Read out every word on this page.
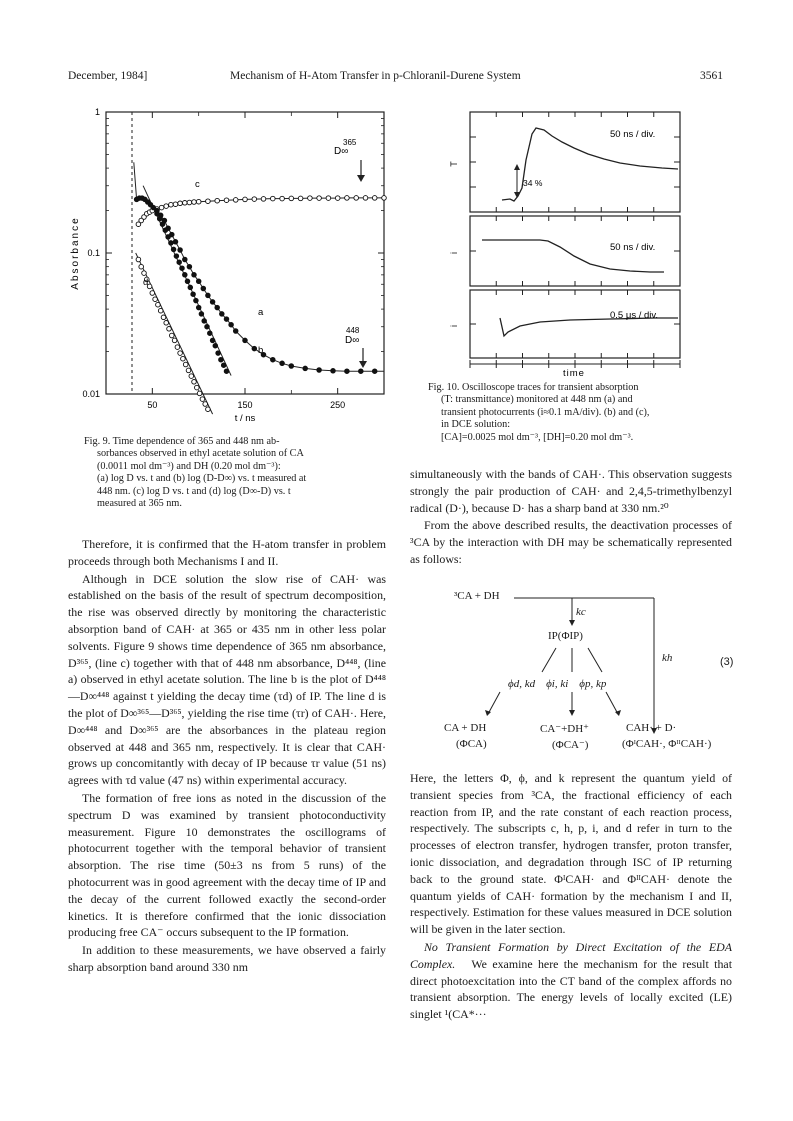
December, 1984]	Mechanism of H-Atom Transfer in p-Chloranil-Durene System	3561
1
0.1
0.01
50	150	250
Absorbance
t / ns
c
a
b
d
D∞
365
D∞
448
Fig. 9. Time dependence of 365 and 448 nm ab-
sorbances observed in ethyl acetate solution of CA
(0.0011 mol dm⁻³) and DH (0.20 mol dm⁻³):
(a) log D vs. t and (b) log (D-D∞) vs. t measured at
448 nm. (c) log D vs. t and (d) log (D∞-D) vs. t
measured at 365 nm.
34 %
50 ns / div.
50 ns / div.
0.5 μs / div.
T
i
i
time
Fig. 10. Oscilloscope traces for transient absorption
(T: transmittance) monitored at 448 nm (a) and
transient photocurrents (i≈0.1 mA/div). (b) and (c),
in DCE solution:
[CA]=0.0025 mol dm⁻³, [DH]=0.20 mol dm⁻³.

Therefore, it is confirmed that the H-atom transfer in problem proceeds through both Mechanisms I and II.

Although in DCE solution the slow rise of CAH· was established on the basis of the result of spectrum decomposition, the rise was observed directly by monitoring the characteristic absorption band of CAH· at 365 or 435 nm in other less polar solvents. Figure 9 shows time dependence of 365 nm absorbance, D³⁶⁵, (line c) together with that of 448 nm absorbance, D⁴⁴⁸, (line a) observed in ethyl acetate solution. The line b is the plot of D⁴⁴⁸—D∞⁴⁴⁸ against t yielding the decay time (τd) of IP. The line d is the plot of D∞³⁶⁵—D³⁶⁵, yielding the rise time (τr) of CAH·. Here, D∞⁴⁴⁸ and D∞³⁶⁵ are the absorbances in the plateau region observed at 448 and 365 nm, respectively. It is clear that CAH· grows up concomitantly with decay of IP because τr value (51 ns) agrees with τd value (47 ns) within experimental accuracy.

The formation of free ions as noted in the discussion of the spectrum D was examined by transient photoconductivity measurement. Figure 10 demonstrates the oscillograms of photocurrent together with the temporal behavior of transient absorption. The rise time (50±3 ns from 5 runs) of the photocurrent was in good agreement with the decay time of IP and the decay of the current followed exactly the second-order kinetics. It is therefore confirmed that the ionic dissociation producing free CA⁻ occurs subsequent to the IP formation.

In addition to these measurements, we have observed a fairly sharp absorption band around 330 nm

simultaneously with the bands of CAH·. This observation suggests strongly the pair production of CAH· and 2,4,5-trimethylbenzyl radical (D·), because D· has a sharp band at 330 nm.²⁰

From the above described results, the deactivation processes of ³CA by the interaction with DH may be schematically represented as follows:

³CA + DH
kc
IP(ΦIP)
kh	(3)
ϕd, kd    ϕi, ki    ϕp, kp
CA + DH
(ΦCA)
CA⁻+DH⁺
(ΦCA⁻)
CAH· + D·
(ΦᴵCAH·, ΦᴵᴵCAH·)

Here, the letters Φ, ϕ, and k represent the quantum yield of transient species from ³CA, the fractional efficiency of each reaction from IP, and the rate constant of each reaction process, respectively. The subscripts c, h, p, i, and d refer in turn to the processes of electron transfer, hydrogen transfer, proton transfer, ionic dissociation, and degradation through ISC of IP returning back to the ground state. ΦᴵCAH· and ΦᴵᴵCAH· denote the quantum yields of CAH· formation by the mechanism I and II, respectively. Estimation for these values measured in DCE solution will be given in the later section.

No Transient Formation by Direct Excitation of the EDA Complex. We examine here the mechanism for the result that direct photoexcitation into the CT band of the complex affords no transient absorption. The energy levels of locally excited (LE) singlet ¹(CA*···
